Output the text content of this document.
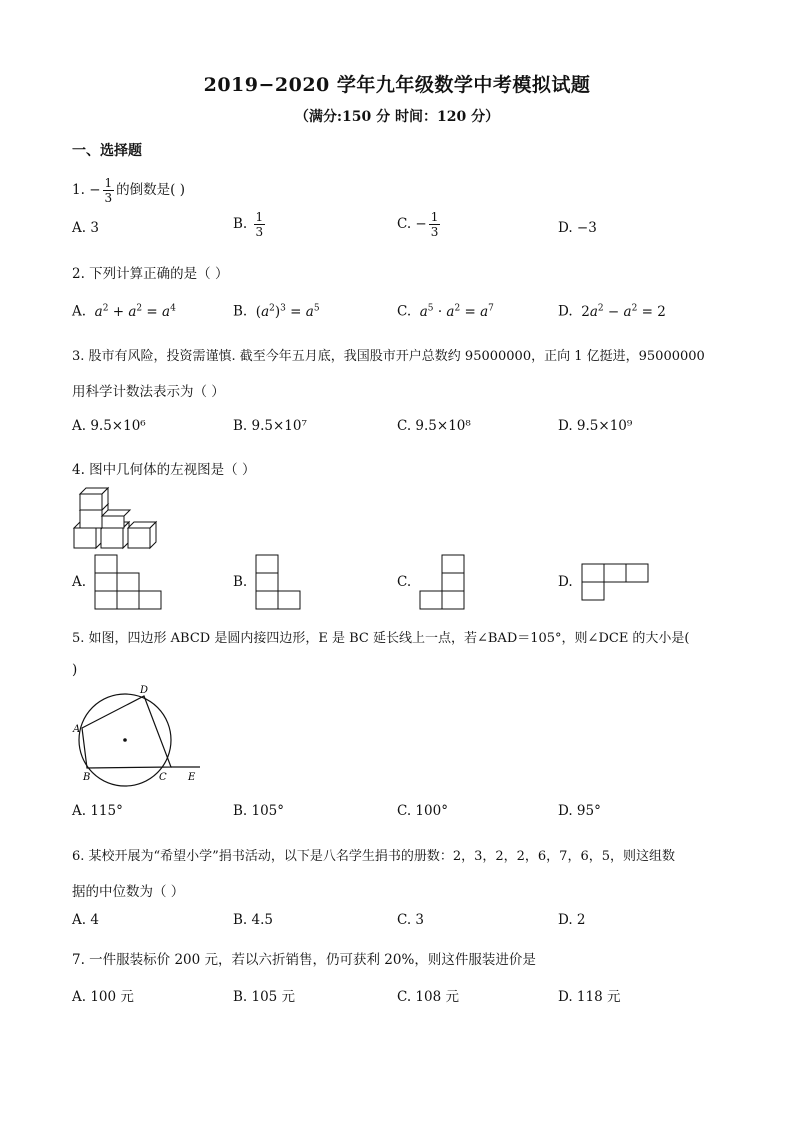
2019−2020 学年九年级数学中考模拟试题
（满分:150 分 时间：120 分）
一、选择题
1. − $\frac{1}{3}$ 的倒数是( )
A. 3	B. $\frac{1}{3}$	C. − $\frac{1}{3}$	D. −3
2. 下列计算正确的是（ ）
A. $a^2 + a^2 = a^4$	B.  $(a^2)^3 = a^5$	C. $a^5 \cdot a^2 = a^7$	D.  $2a^2 - a^2 = 2$
3. 股市有风险，投资需谨慎. 截至今年五月底，我国股市开户总数约 95000000，正向 1 亿挺进，95000000
用科学计数法表示为（ ）
A. 9.5×10⁶	B. 9.5×10⁷	C. 9.5×10⁸	D. 9.5×10⁹
4. 图中几何体的左视图是（ ）
A.	B.	C.	D.
5. 如图，四边形 ABCD 是圆内接四边形，E 是 BC 延长线上一点，若∠BAD＝105°，则∠DCE 的大小是(
)
A
B	C
D
E
A. 115°	B. 105°	C. 100°	D. 95°
6. 某校开展为“希望小学”捐书活动，以下是八名学生捐书的册数：2，3，2，2，6，7，6，5，则这组数
据的中位数为（ ）
A. 4	B. 4.5	C. 3	D. 2
7. 一件服装标价 200 元，若以六折销售，仍可获利 20%，则这件服装进价是
A. 100 元	B. 105 元	C. 108 元	D. 118 元
